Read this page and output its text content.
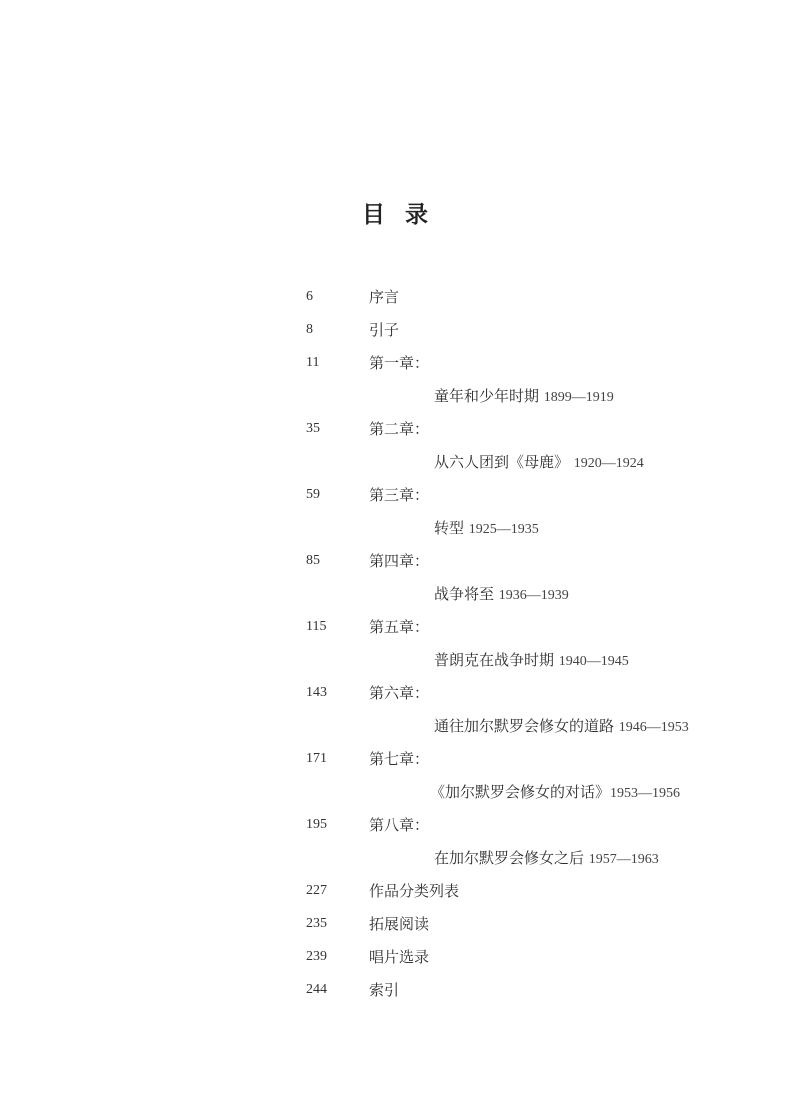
目 录
6	序言
8	引子
11	第一章：
童年和少年时期 1899—1919
35	第二章：
从六人团到《母鹿》 1920—1924
59	第三章：
转型 1925—1935
85	第四章：
战争将至 1936—1939
115	第五章：
普朗克在战争时期 1940—1945
143	第六章：
通往加尔默罗会修女的道路 1946—1953
171	第七章：
《加尔默罗会修女的对话》1953—1956
195	第八章：
在加尔默罗会修女之后 1957—1963
227	作品分类列表
235	拓展阅读
239	唱片选录
244	索引
